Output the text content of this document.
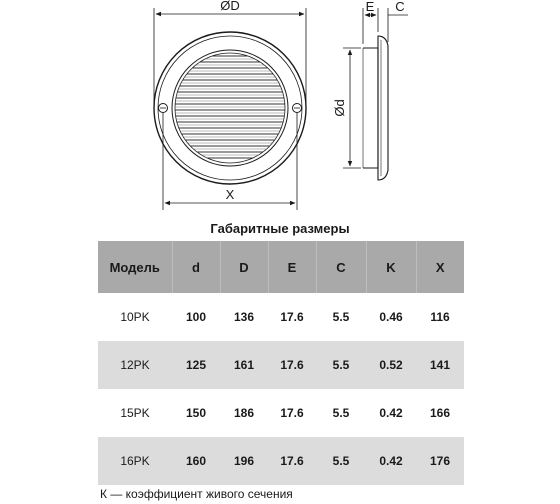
ØD
X
E C
Ød
Габаритные размеры
Модель	d	D	E	C	K	X
10PK	100	136	17.6	5.5	0.46	116
12PK	125	161	17.6	5.5	0.52	141
15PK	150	186	17.6	5.5	0.42	166
16PK	160	196	17.6	5.5	0.42	176
К — коэффициент живого сечения
